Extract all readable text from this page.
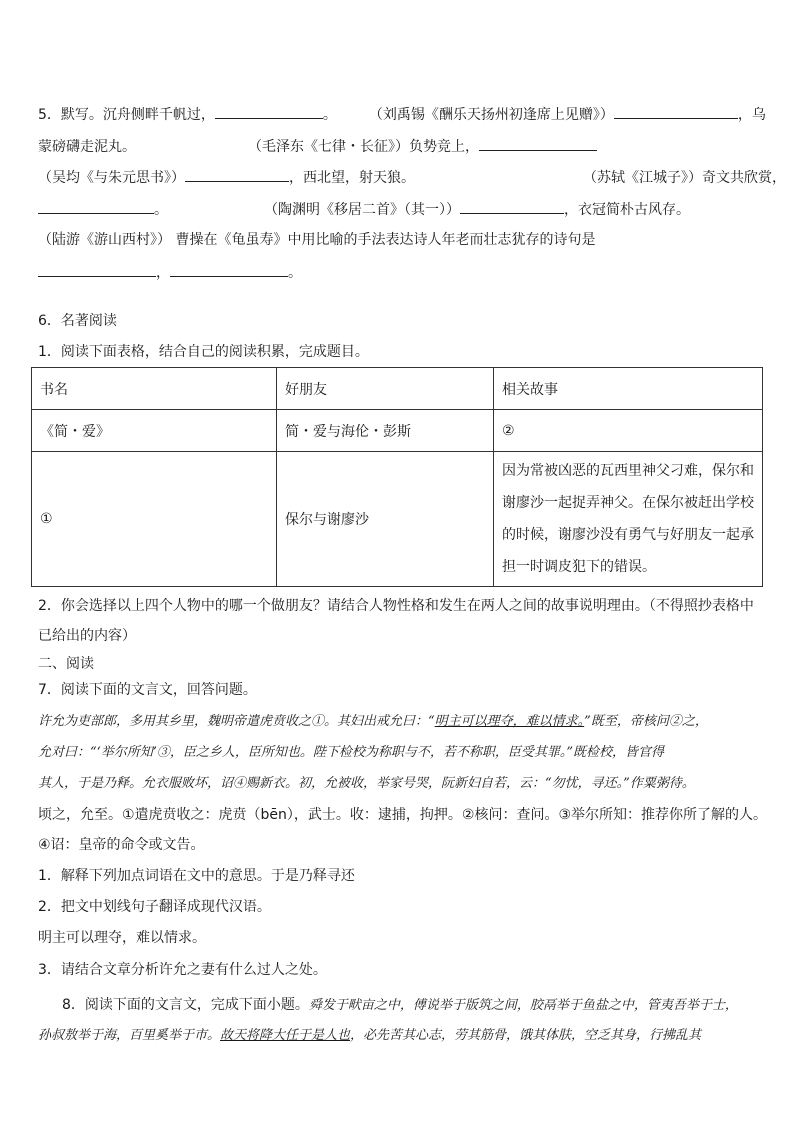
5．默写。沉舟侧畔千帆过，	。 （刘禹锡《酬乐天扬州初逢席上见赠》）	，乌
蒙磅礴走泥丸。	（毛泽东《七律・长征》）负势竞上，
（吴均《与朱元思书》）	，西北望，射天狼。	（苏轼《江城子》）奇文共欣赏，
。	（陶渊明《移居二首》（其一））	，衣冠简朴古风存。
（陆游《游山西村》） 曹操在《龟虽寿》中用比喻的手法表达诗人年老而壮志犹存的诗句是
，	。
6．名著阅读
1．阅读下面表格，结合自己的阅读积累，完成题目。
书名	好朋友	相关故事
《简・爱》	简・爱与海伦・彭斯	②
①	保尔与谢廖沙	因为常被凶恶的瓦西里神父刁难，保尔和
谢廖沙一起捉弄神父。在保尔被赶出学校
的时候，谢廖沙没有勇气与好朋友一起承
担一时调皮犯下的错误。
2．你会选择以上四个人物中的哪一个做朋友？请结合人物性格和发生在两人之间的故事说明理由。（不得照抄表格中
已给出的内容）
二、阅读
7．阅读下面的文言文，回答问题。
许允为吏部郎，多用其乡里，魏明帝遣虎贲收之①。其妇出戒允曰：“明主可以理夺，难以情求。”既至，帝核问②之，
允对曰：“‘举尔所知’③，臣之乡人，臣所知也。陛下检校为称职与不，若不称职，臣受其罪。”既检校，皆官得
其人，于是乃释。允衣服败坏，诏④赐新衣。初，允被收，举家号哭，阮新妇自若，云：“勿忧，寻还。”作粟粥待。
顷之，允至。①遣虎贲收之：虎贲（bēn），武士。收：逮捕，拘押。②核问：查问。③举尔所知：推荐你所了解的人。
④诏：皇帝的命令或文告。
1．解释下列加点词语在文中的意思。于是乃释寻还
2．把文中划线句子翻译成现代汉语。
明主可以理夺，难以情求。
3．请结合文章分析许允之妻有什么过人之处。
8．阅读下面的文言文，完成下面小题。舜发于畎亩之中，傅说举于版筑之间，胶鬲举于鱼盐之中，管夷吾举于士，
孙叔敖举于海，百里奚举于市。故天将降大任于是人也，必先苦其心志，劳其筋骨，饿其体肤，空乏其身，行拂乱其
